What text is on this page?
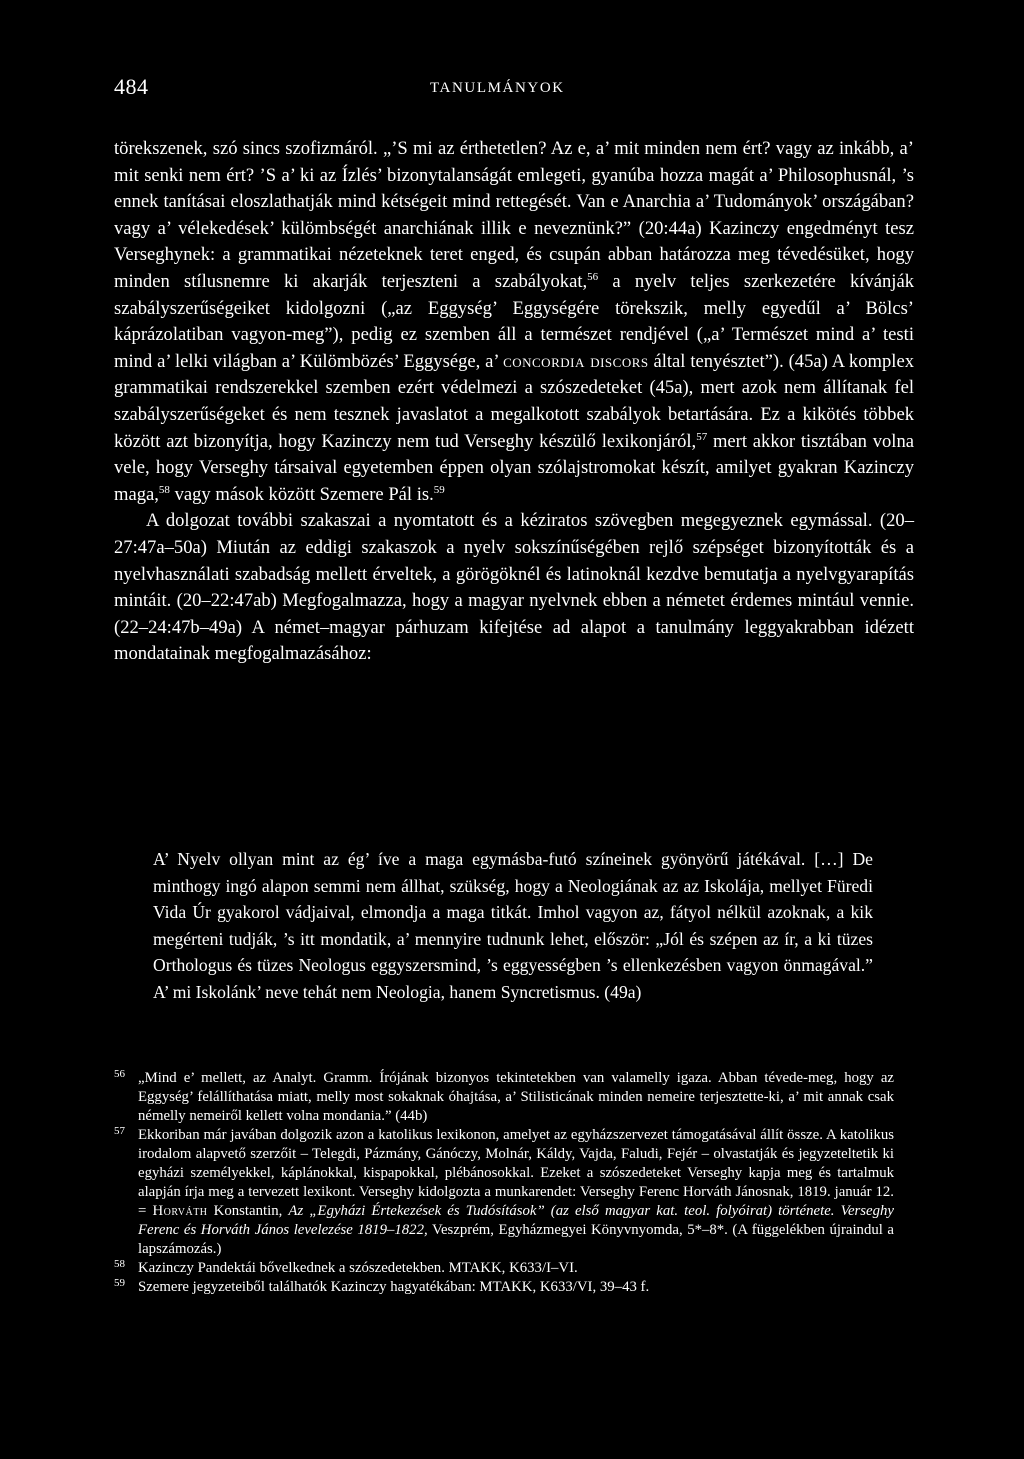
484	TANULMÁNYOK

törekszenek, szó sincs szofizmáról. „’S mi az érthetetlen? Az e, a’ mit minden nem ért? vagy az inkább, a’ mit senki nem ért? ’S a’ ki az Ízlés’ bizonytalanságát emlegeti, gyanúba hozza magát a’ Philosophusnál, ’s ennek tanításai eloszlathatják mind kétségeit mind rettegését. Van e Anarchia a’ Tudományok’ országában? vagy a’ vélekedések’ külömbségét anarchiának illik e neveznünk?” (20:44a) Kazinczy engedményt tesz Verseghynek: a grammatikai nézeteknek teret enged, és csupán abban határozza meg tévedésüket, hogy minden stílusnemre ki akarják terjeszteni a szabályokat,$^{56}$ a nyelv teljes szerkezetére kívánják szabályszerűségeiket kidolgozni („az Eggység’ Eggységére törekszik, melly egyedűl a’ Bölcs’ káprázolatiban vagyon-meg”), pedig ez szemben áll a természet rendjével („a’ Természet mind a’ testi mind a’ lelki világban a’ Külömbözés’ Eggysége, a’ concordia discors által tenyésztet”). (45a) A komplex grammatikai rendszerekkel szemben ezért védelmezi a szószedeteket (45a), mert azok nem állítanak fel szabályszerűségeket és nem tesznek javaslatot a megalkotott szabályok betartására. Ez a kikötés többek között azt bizonyítja, hogy Kazinczy nem tud Verseghy készülő lexikonjáról,$^{57}$ mert akkor tisztában volna vele, hogy Verseghy társaival egyetemben éppen olyan szólajstromokat készít, amilyet gyakran Kazinczy maga,$^{58}$ vagy mások között Szemere Pál is.$^{59}$

A dolgozat további szakaszai a nyomtatott és a kéziratos szövegben megegyeznek egymással. (20–27:47a–50a) Miután az eddigi szakaszok a nyelv sokszínűségében rejlő szépséget bizonyították és a nyelvhasználati szabadság mellett érveltek, a görögöknél és latinoknál kezdve bemutatja a nyelvgyarapítás mintáit. (20–22:47ab) Megfogalmazza, hogy a magyar nyelvnek ebben a németet érdemes mintául vennie. (22–24:47b–49a) A német–magyar párhuzam kifejtése ad alapot a tanulmány leggyakrabban idézett mondatainak megfogalmazásához:

A’ Nyelv ollyan mint az ég’ íve a maga egymásba-futó színeinek gyönyörű játékával. […] De minthogy ingó alapon semmi nem állhat, szükség, hogy a Neologiának az az Iskolája, mellyet Füredi Vida Úr gyakorol vádjaival, elmondja a maga titkát. Imhol vagyon az, fátyol nélkül azoknak, a kik megérteni tudják, ’s itt mondatik, a’ mennyire tudnunk lehet, először: „Jól és szépen az ír, a ki tüzes Orthologus és tüzes Neologus eggyszersmind, ’s eggyességben ’s ellenkezésben vagyon önmagával.” A’ mi Iskolánk’ neve tehát nem Neologia, hanem Syncretismus. (49a)

56 „Mind e’ mellett, az Analyt. Gramm. Írójának bizonyos tekintetekben van valamelly igaza. Abban tévede-meg, hogy az Eggység’ felállíthatása miatt, melly most sokaknak óhajtása, a’ Stilisticának minden nemeire terjesztette-ki, a’ mit annak csak némelly nemeiről kellett volna mondania.” (44b)

57 Ekkoriban már javában dolgozik azon a katolikus lexikonon, amelyet az egyházszervezet támogatásával állít össze. A katolikus irodalom alapvető szerzőit – Telegdi, Pázmány, Gánóczy, Molnár, Káldy, Vajda, Faludi, Fejér – olvastatják és jegyzeteltetik ki egyházi személyekkel, káplánokkal, kispapokkal, plébánosokkal. Ezeket a szószedeteket Verseghy kapja meg és tartalmuk alapján írja meg a tervezett lexikont. Verseghy kidolgozta a munkarendet: Verseghy Ferenc Horváth Jánosnak, 1819. január 12. = Horváth Konstantin, Az „Egyházi Értekezések és Tudósítások” (az első magyar kat. teol. folyóirat) története. Verseghy Ferenc és Horváth János levelezése 1819–1822, Veszprém, Egyházmegyei Könyvnyomda, 5*–8*. (A függelékben újraindul a lapszámozás.)

58 Kazinczy Pandektái bővelkednek a szószedetekben. MTAKK, K633/I–VI.

59 Szemere jegyzeteiből találhatók Kazinczy hagyatékában: MTAKK, K633/VI, 39–43 f.
